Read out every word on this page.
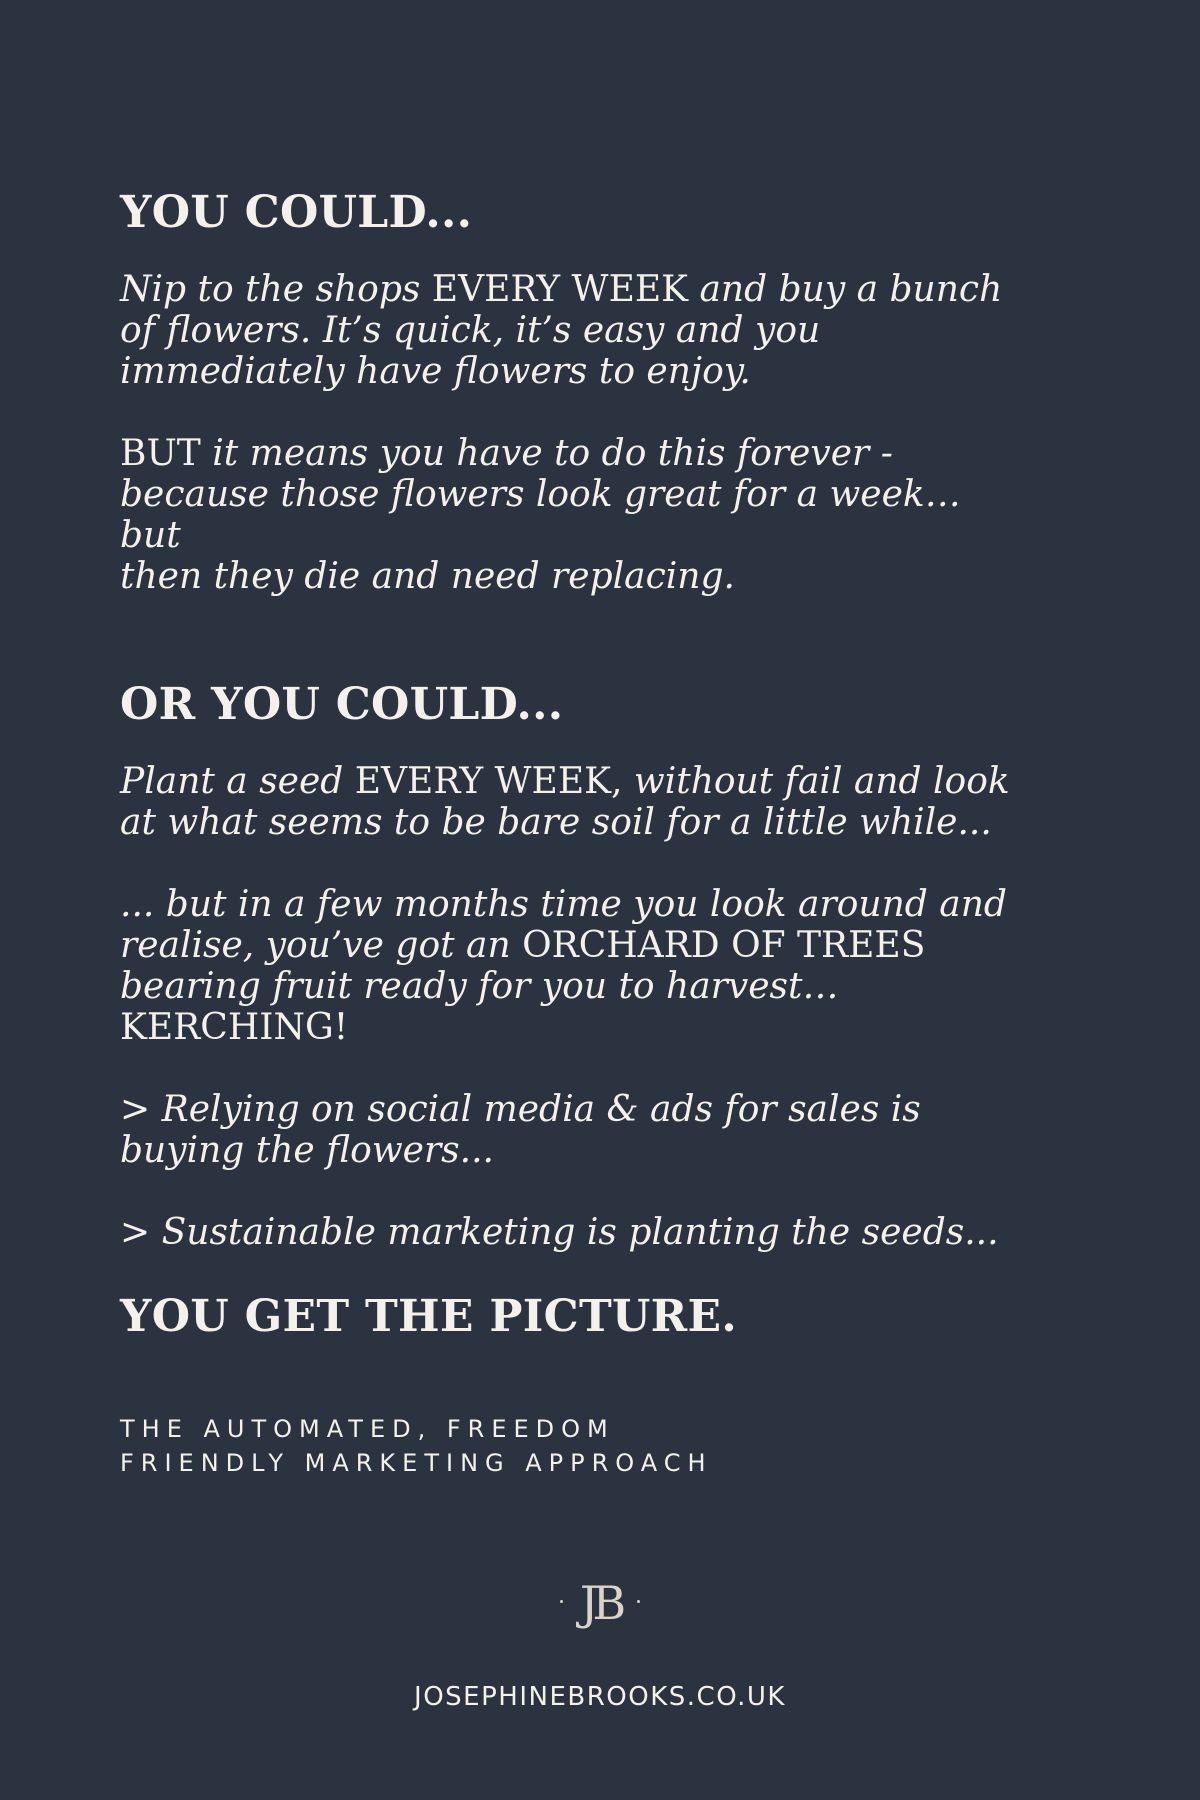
YOU COULD...

Nip to the shops EVERY WEEK and buy a bunch
of flowers. It’s quick, it’s easy and you
immediately have flowers to enjoy.

BUT it means you have to do this forever -
because those flowers look great for a week… but
then they die and need replacing.

OR YOU COULD...

Plant a seed EVERY WEEK, without fail and look
at what seems to be bare soil for a little while...

... but in a few months time you look around and
realise, you’ve got an ORCHARD OF TREES
bearing fruit ready for you to harvest…
KERCHING!

> Relying on social media & ads for sales is
buying the flowers...

> Sustainable marketing is planting the seeds...

YOU GET THE PICTURE.
THE AUTOMATED, FREEDOM
FRIENDLY MARKETING APPROACH
JB
JOSEPHINEBROOKS.CO.UK
